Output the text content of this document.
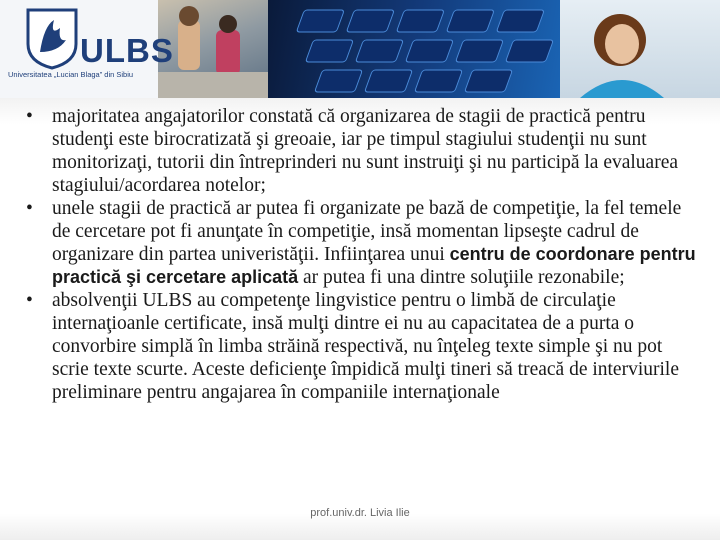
ULBS
Universitatea „Lucian Blaga” din Sibiu
• majoritatea angajatorilor constată că organizarea de stagii de practică pentru studenţi este birocratizată şi greoaie, iar pe timpul stagiului studenţii nu sunt monitorizaţi, tutorii din întreprinderi nu sunt instruiţi şi nu participă la evaluarea stagiului/acordarea notelor;
• unele stagii de practică ar putea fi organizate pe bază de competiţie, la fel temele de cercetare pot fi anunţate în competiţie, insă momentan lipseşte cadrul de organizare din partea univeristăţii. Infiinţarea unui centru de coordonare pentru practică şi cercetare aplicată ar putea fi una dintre soluţiile rezonabile;
• absolvenţii ULBS au competenţe lingvistice pentru o limbă de circulaţie internaţioanle certificate, insă mulţi dintre ei nu au capacitatea de a purta o convorbire simplă în limba străină respectivă, nu înţeleg texte simple şi nu pot scrie texte scurte. Aceste deficienţe împidică mulţi tineri să treacă de interviurile preliminare pentru angajarea în companiile internaţionale
prof.univ.dr. Livia Ilie
